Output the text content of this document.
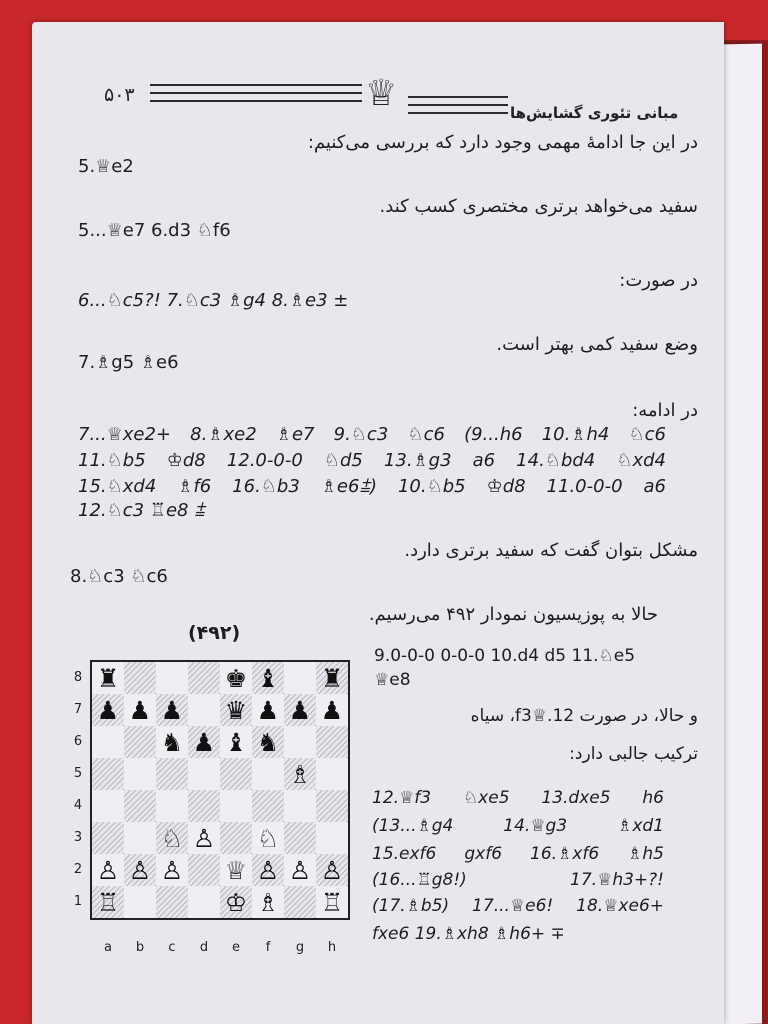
۵۰۳	♕	مبانی تئوری گشایش‌ها
در این جا ادامهٔ مهمی وجود دارد که بررسی می‌کنیم:
5.♕e2
سفید می‌خواهد برتری مختصری کسب کند.
5...♕e7 6.d3 ♘f6
در صورت:
6...♘c5?! 7.♘c3 ♗g4 8.♗e3 ±
وضع سفید کمی بهتر است.
7.♗g5 ♗e6
در ادامه:
7...♕xe2+ 8.♗xe2 ♗e7 9.♘c3 ♘c6 (9...h6 10.♗h4 ♘c6
11.♘b5 ♔d8 12.0-0-0 ♘d5 13.♗g3 a6 14.♘bd4 ♘xd4
15.♘xd4 ♗f6 16.♘b3 ♗e6⩲) 10.♘b5 ♔d8 11.0-0-0 a6
12.♘c3 ♖e8 ⩲
مشکل بتوان گفت که سفید برتری دارد.
8.♘c3 ♘c6
حالا به پوزیسیون نمودار ۴۹۲ می‌رسیم.
(۴۹۲)
♜	♚ ♝ ♜
♟ ♟ ♟ ♛ ♟ ♟ ♟
♞ ♟ ♝ ♞
♗
♘ ♙ ♘
♙ ♙ ♙ ♕ ♙ ♙ ♙
♖	♔ ♗ ♖
8
7
6
5
4
3
2
1
a	b	c	d	e	f	g	h
9.0-0-0 0-0-0 10.d4 d5 11.♘e5
♕e8
و حالا، در صورت 12.♕f3، سیاه
ترکیب جالبی دارد:
12.♕f3 ♘xe5 13.dxe5 h6
(13...♗g4 14.♕g3 ♗xd1
15.exf6 gxf6 16.♗xf6 ♗h5
(16...♖g8!) 17.♕h3+?!
(17.♗b5) 17...♕e6! 18.♕xe6+
fxe6 19.♗xh8 ♗h6+ ∓
